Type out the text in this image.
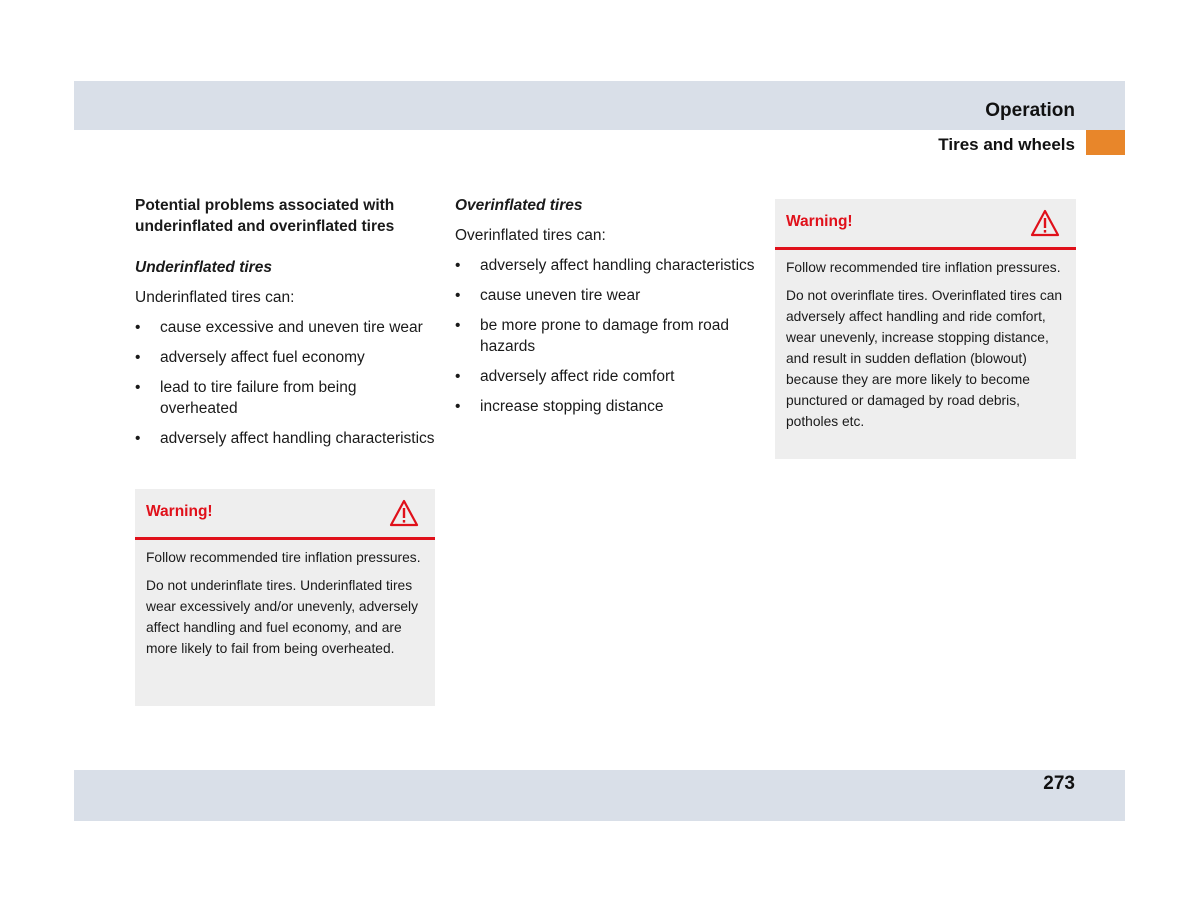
Operation
Tires and wheels
Potential problems associated with underinflated and overinflated tires
Underinflated tires
Underinflated tires can:
• cause excessive and uneven tire wear
• adversely affect fuel economy
• lead to tire failure from being overheated
• adversely affect handling characteristics
Warning!

Follow recommended tire inflation pressures.

Do not underinflate tires. Underinflated tires wear excessively and/or unevenly, adversely affect handling and fuel economy, and are more likely to fail from being overheated.

Overinflated tires
Overinflated tires can:
• adversely affect handling characteristics
• cause uneven tire wear
• be more prone to damage from road hazards
• adversely affect ride comfort
• increase stopping distance
Warning!

Follow recommended tire inflation pressures.

Do not overinflate tires. Overinflated tires can adversely affect handling and ride comfort, wear unevenly, increase stopping distance, and result in sudden deflation (blowout) because they are more likely to become punctured or damaged by road debris, potholes etc.

273
